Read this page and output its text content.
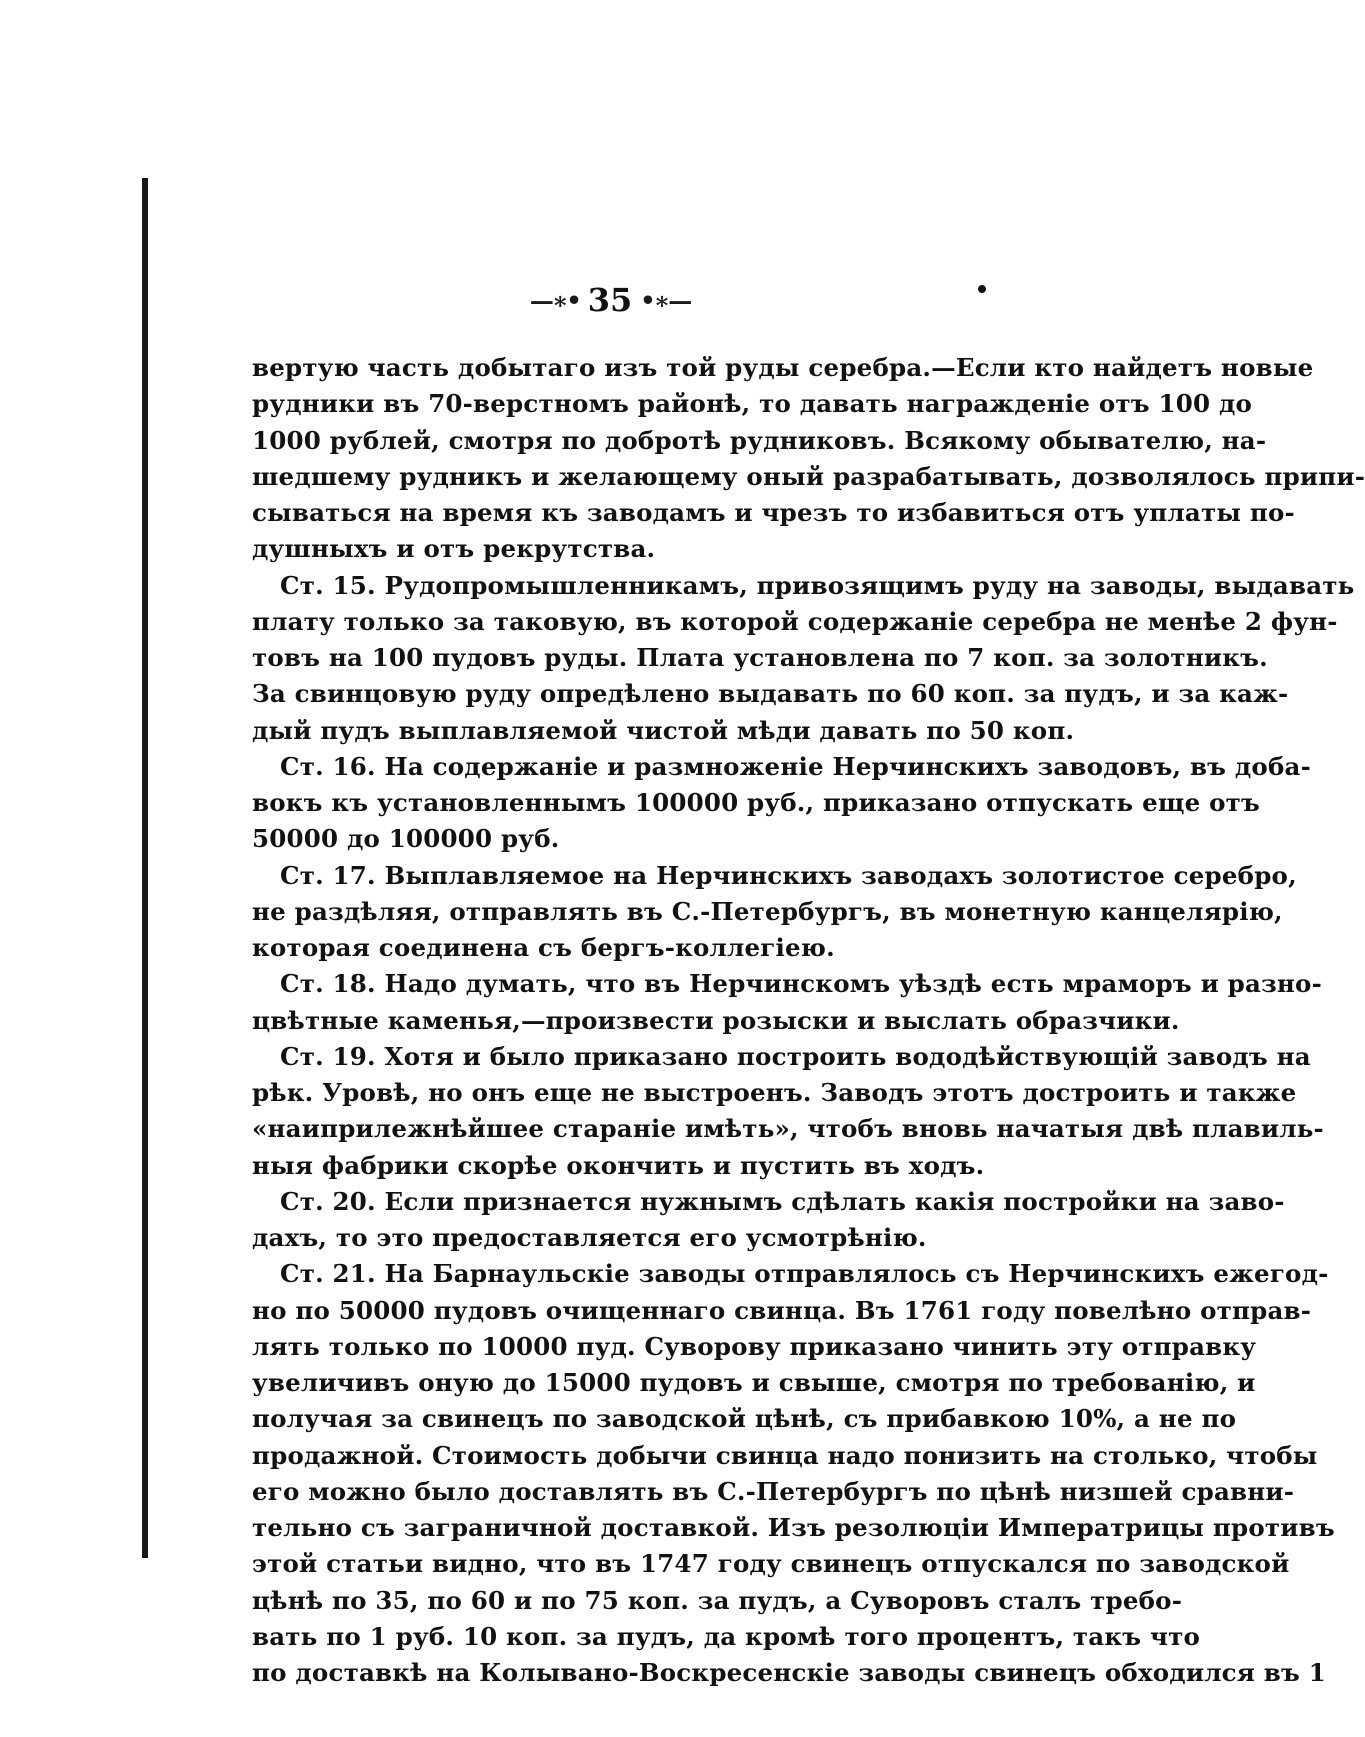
—∗• 35 •∗—
вертую часть добытаго изъ той руды серебра.—Если кто найдетъ новые
рудники въ 70-верстномъ районѣ, то давать награжденіе отъ 100 до
1000 рублей, смотря по добротѣ рудниковъ. Всякому обывателю, на-
шедшему рудникъ и желающему оный разрабатывать, дозволялось припи-
сываться на время къ заводамъ и чрезъ то избавиться отъ уплаты по-
душныхъ и отъ рекрутства.
Ст. 15. Рудопромышленникамъ, привозящимъ руду на заводы, выдавать
плату только за таковую, въ которой содержаніе серебра не менѣе 2 фун-
товъ на 100 пудовъ руды. Плата установлена по 7 коп. за золотникъ.
За свинцовую руду опредѣлено выдавать по 60 коп. за пудъ, и за каж-
дый пудъ выплавляемой чистой мѣди давать по 50 коп.
Ст. 16. На содержаніе и размноженіе Нерчинскихъ заводовъ, въ доба-
вокъ къ установленнымъ 100000 руб., приказано отпускать еще отъ
50000 до 100000 руб.
Ст. 17. Выплавляемое на Нерчинскихъ заводахъ золотистое серебро,
не раздѣляя, отправлять въ С.-Петербургъ, въ монетную канцелярію,
которая соединена съ бергъ-коллегіею.
Ст. 18. Надо думать, что въ Нерчинскомъ уѣздѣ есть мраморъ и разно-
цвѣтные каменья,—произвести розыски и выслать образчики.
Ст. 19. Хотя и было приказано построить вододѣйствующій заводъ на
рѣк. Уровѣ, но онъ еще не выстроенъ. Заводъ этотъ достроить и также
«наиприлежнѣйшее стараніе имѣть», чтобъ вновь начатыя двѣ плавиль-
ныя фабрики скорѣе окончить и пустить въ ходъ.
Ст. 20. Если признается нужнымъ сдѣлать какія постройки на заво-
дахъ, то это предоставляется его усмотрѣнію.
Ст. 21. На Барнаульскіе заводы отправлялось съ Нерчинскихъ ежегод-
но по 50000 пудовъ очищеннаго свинца. Въ 1761 году повелѣно отправ-
лять только по 10000 пуд. Суворову приказано чинить эту отправку
увеличивъ оную до 15000 пудовъ и свыше, смотря по требованію, и
получая за свинецъ по заводской цѣнѣ, съ прибавкою 10%, а не по
продажной. Стоимость добычи свинца надо понизить на столько, чтобы
его можно было доставлять въ С.-Петербургъ по цѣнѣ низшей сравни-
тельно съ заграничной доставкой. Изъ резолюціи Императрицы противъ
этой статьи видно, что въ 1747 году свинецъ отпускался по заводской
цѣнѣ по 35, по 60 и по 75 коп. за пудъ, а Суворовъ сталъ требо-
вать по 1 руб. 10 коп. за пудъ, да кромѣ того процентъ, такъ что
по доставкѣ на Колывано-Воскресенскіе заводы свинецъ обходился въ 1
